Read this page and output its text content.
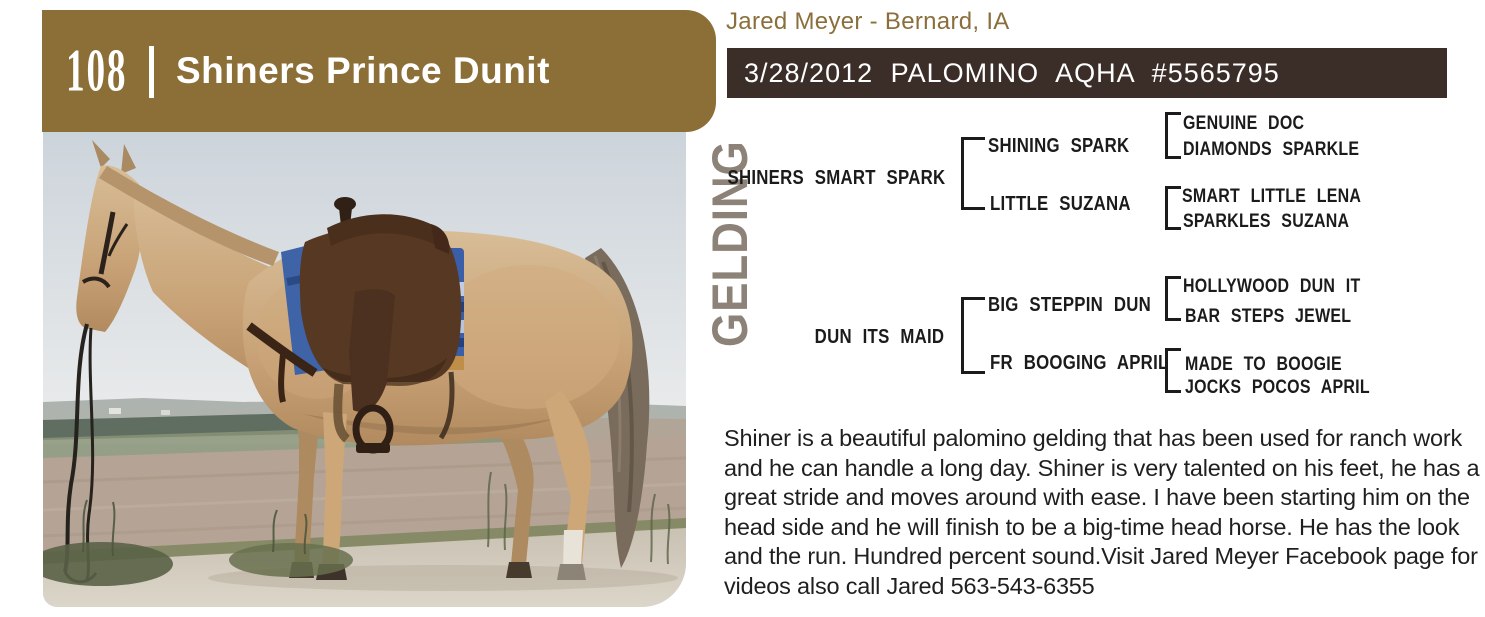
108 Shiners Prince Dunit
Jared Meyer - Bernard, IA
3/28/2012 PALOMINO AQHA #5565795
GELDING
SHINERS SMART SPARK
DUN ITS MAID
SHINING SPARK
LITTLE SUZANA
BIG STEPPIN DUN
FR BOOGING APRIL
GENUINE DOC
DIAMONDS SPARKLE
SMART LITTLE LENA
SPARKLES SUZANA
HOLLYWOOD DUN IT
BAR STEPS JEWEL
MADE TO BOOGIE
JOCKS POCOS APRIL
Shiner is a beautiful palomino gelding that has been used for ranch work
and he can handle a long day. Shiner is very talented on his feet, he has a
great stride and moves around with ease. I have been starting him on the
head side and he will finish to be a big-time head horse. He has the look
and the run. Hundred percent sound.Visit Jared Meyer Facebook page for
videos also call Jared 563-543-6355
